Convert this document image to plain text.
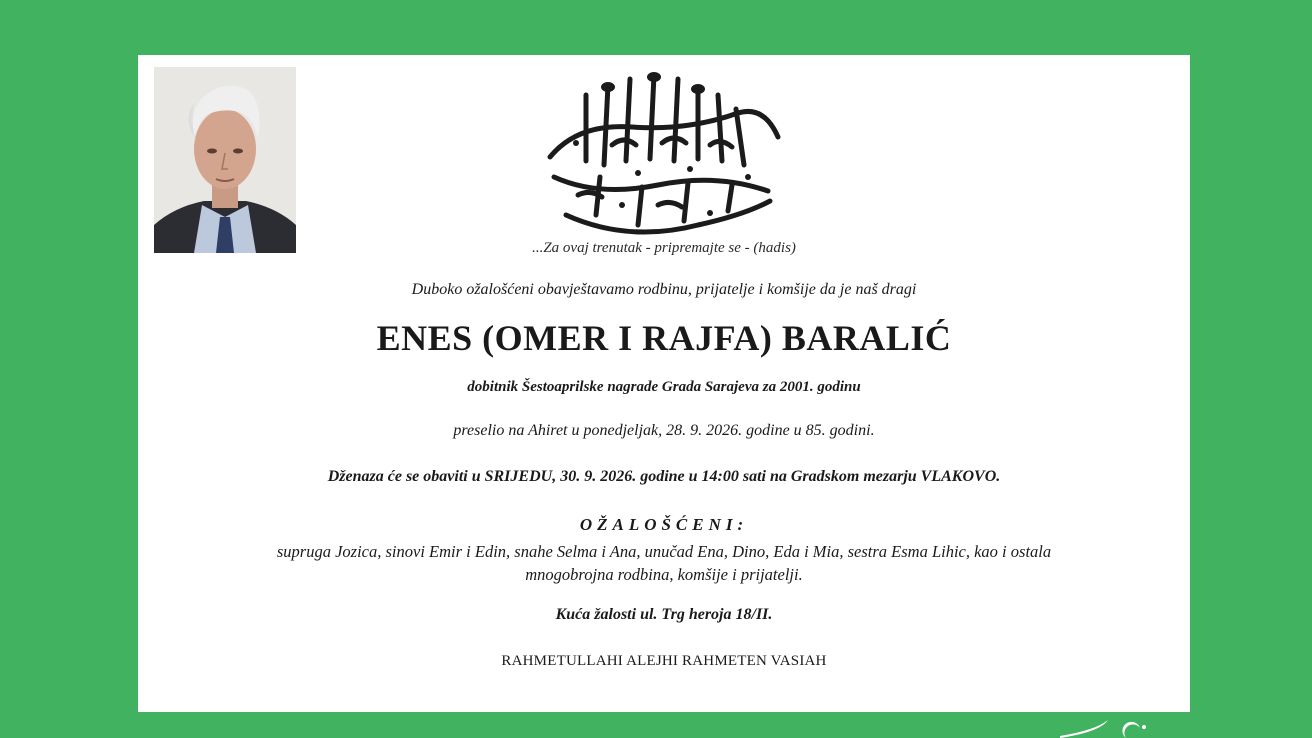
...Za ovaj trenutak - pripremajte se - (hadis)
Duboko ožalošćeni obavještavamo rodbinu, prijatelje i komšije da je naš dragi
ENES (OMER I RAJFA) BARALIĆ
dobitnik Šestoaprilske nagrade Grada Sarajeva za 2001. godinu
preselio na Ahiret u ponedjeljak, 28. 9. 2026. godine u 85. godini.
Dženaza će se obaviti u SRIJEDU, 30. 9. 2026. godine u 14:00 sati na Gradskom mezarju VLAKOVO.
OŽALOŠĆENI:
supruga Jozica, sinovi Emir i Edin, snahe Selma i Ana, unučad Ena, Dino, Eda i Mia, sestra Esma Lihic, kao i ostala
mnogobrojna rodbina, komšije i prijatelji.
Kuća žalosti ul. Trg heroja 18/II.
RAHMETULLAHI ALEJHI RAHMETEN VASIAH
